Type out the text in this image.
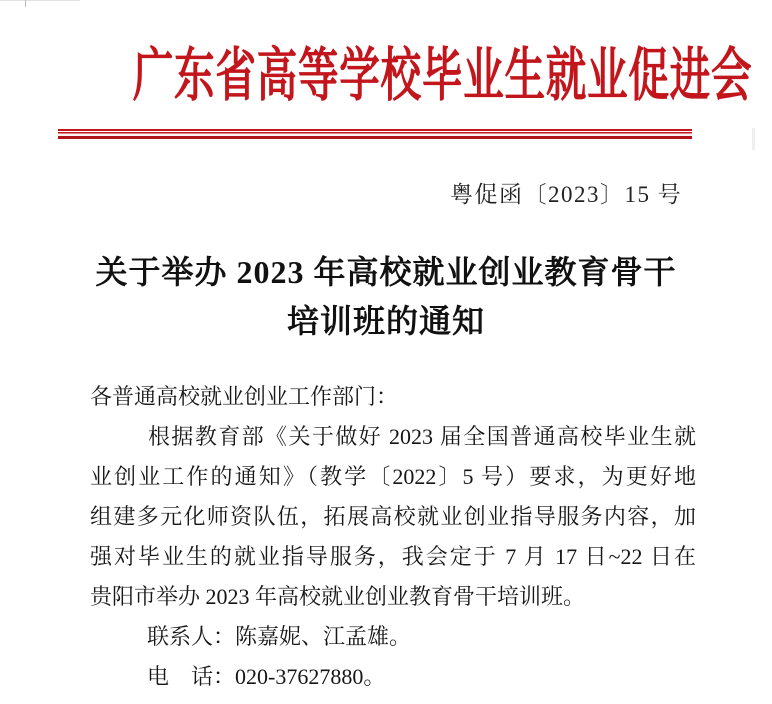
广东省高等学校毕业生就业促进会
粤促函〔2023〕15 号
关于举办 2023 年高校就业创业教育骨干
培训班的通知
各普通高校就业创业工作部门：
根据教育部《关于做好 2023 届全国普通高校毕业生就
业创业工作的通知》（教学〔2022〕5 号）要求，为更好地
组建多元化师资队伍，拓展高校就业创业指导服务内容，加
强对毕业生的就业指导服务，我会定于 7 月 17 日~22 日在
贵阳市举办 2023 年高校就业创业教育骨干培训班。
联系人：陈嘉妮、江孟雄。
电　话：020-37627880。
